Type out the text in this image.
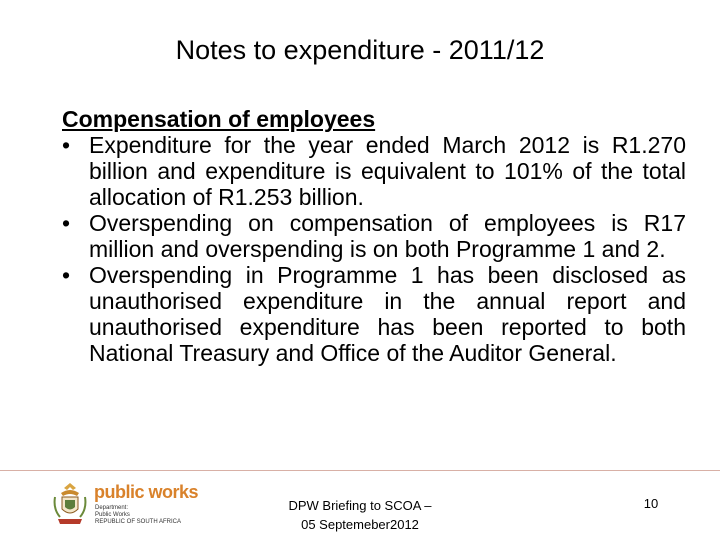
Notes to expenditure - 2011/12
Compensation of employees
• Expenditure for the year ended March 2012 is R1.270 billion and expenditure is equivalent to 101% of the total allocation of R1.253 billion.
• Overspending on compensation of employees is R17 million and overspending is on both Programme 1 and 2.
• Overspending in Programme 1 has been disclosed as unauthorised expenditure in the annual report and unauthorised expenditure has been reported to both National Treasury and Office of the Auditor General.
public works
Department:
Public Works
REPUBLIC OF SOUTH AFRICA
DPW Briefing to SCOA –
05 Septemeber2012
10
